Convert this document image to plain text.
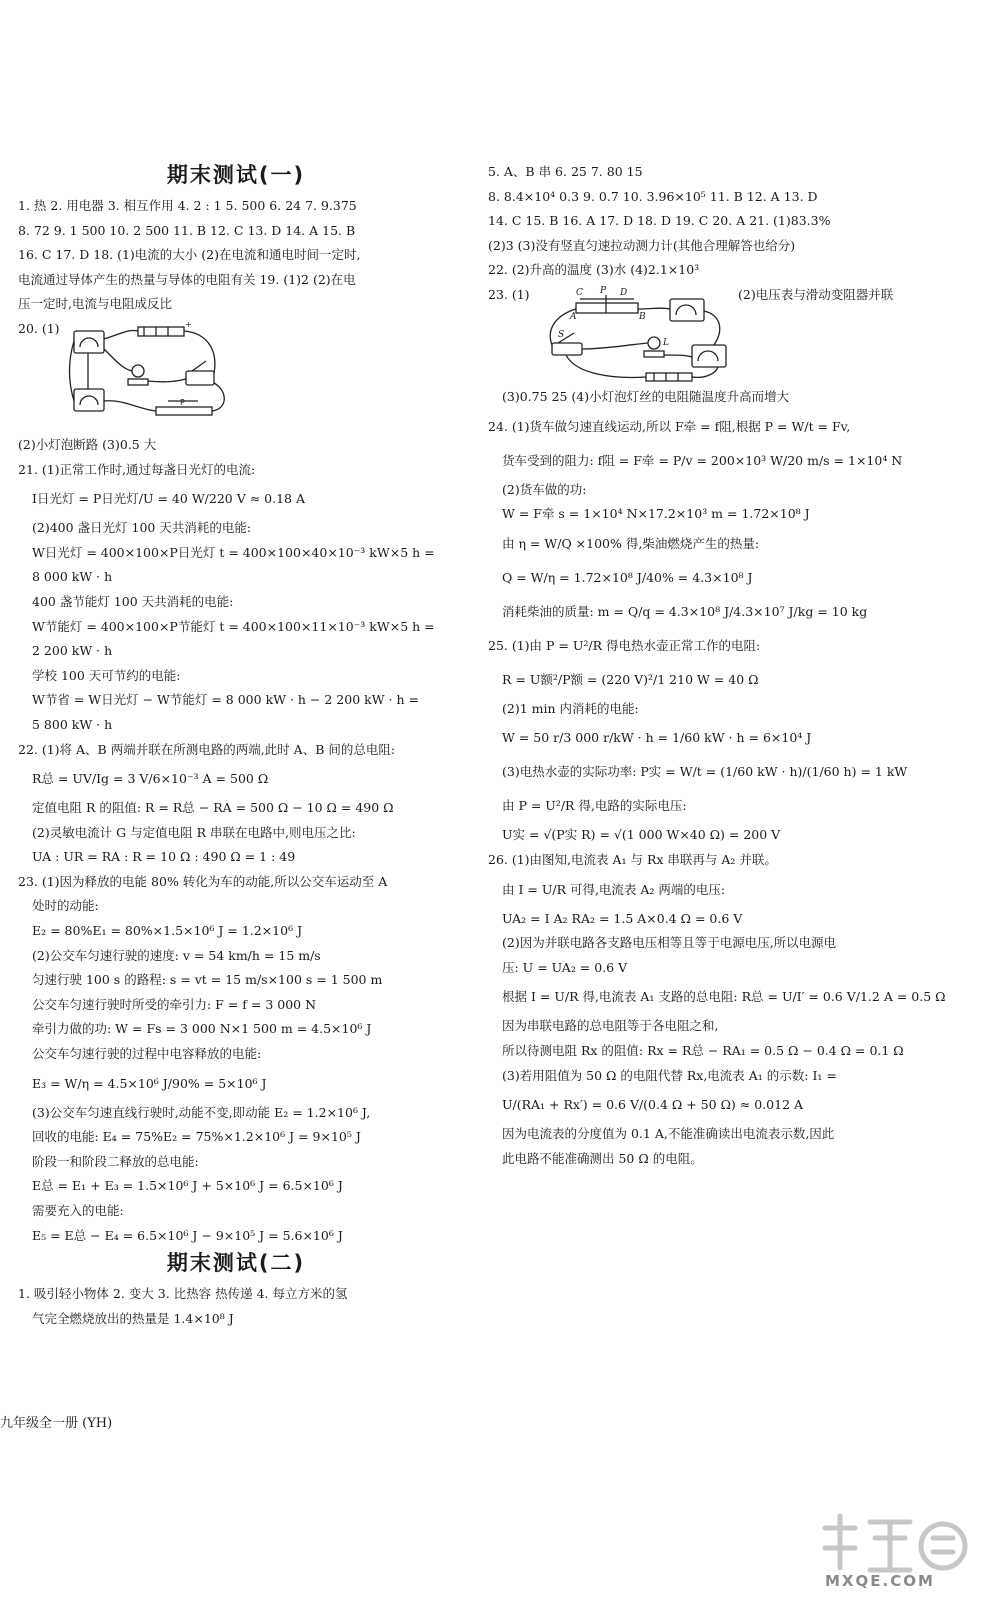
期末测试(一)
1. 热 2. 用电器 3. 相互作用 4. 2 : 1 5. 500 6. 24 7. 9.375
8. 72 9. 1 500 10. 2 500 11. B 12. C 13. D 14. A 15. B
16. C 17. D 18. (1)电流的大小 (2)在电流和通电时间一定时,
电流通过导体产生的热量与导体的电阻有关 19. (1)2 (2)在电
压一定时,电流与电阻成反比
20. (1)	+
P
(2)小灯泡断路 (3)0.5 大
21. (1)正常工作时,通过每盏日光灯的电流:
I日光灯 = P日光灯/U = 40 W/220 V ≈ 0.18 A
(2)400 盏日光灯 100 天共消耗的电能:
W日光灯 = 400×100×P日光灯 t = 400×100×40×10⁻³ kW×5 h =
8 000 kW · h
400 盏节能灯 100 天共消耗的电能:
W节能灯 = 400×100×P节能灯 t = 400×100×11×10⁻³ kW×5 h =
2 200 kW · h
学校 100 天可节约的电能:
W节省 = W日光灯 − W节能灯 = 8 000 kW · h − 2 200 kW · h =
5 800 kW · h
22. (1)将 A、B 两端并联在所测电路的两端,此时 A、B 间的总电阻:
R总 = UV/Ig = 3 V/6×10⁻³ A = 500 Ω
定值电阻 R 的阻值: R = R总 − RA = 500 Ω − 10 Ω = 490 Ω
(2)灵敏电流计 G 与定值电阻 R 串联在电路中,则电压之比:
UA : UR = RA : R = 10 Ω : 490 Ω = 1 : 49
23. (1)因为释放的电能 80% 转化为车的动能,所以公交车运动至 A
处时的动能:
E₂ = 80%E₁ = 80%×1.5×10⁶ J = 1.2×10⁶ J
(2)公交车匀速行驶的速度: v = 54 km/h = 15 m/s
匀速行驶 100 s 的路程: s = vt = 15 m/s×100 s = 1 500 m
公交车匀速行驶时所受的牵引力: F = f = 3 000 N
牵引力做的功: W = Fs = 3 000 N×1 500 m = 4.5×10⁶ J
公交车匀速行驶的过程中电容释放的电能:
E₃ = W/η = 4.5×10⁶ J/90% = 5×10⁶ J
(3)公交车匀速直线行驶时,动能不变,即动能 E₂ = 1.2×10⁶ J,
回收的电能: E₄ = 75%E₂ = 75%×1.2×10⁶ J = 9×10⁵ J
阶段一和阶段二释放的总电能:
E总 = E₁ + E₃ = 1.5×10⁶ J + 5×10⁶ J = 6.5×10⁶ J
需要充入的电能:
E₅ = E总 − E₄ = 6.5×10⁶ J − 9×10⁵ J = 5.6×10⁶ J
期末测试(二)
1. 吸引轻小物体 2. 变大 3. 比热容 热传递 4. 每立方米的氢
气完全燃烧放出的热量是 1.4×10⁸ J
5. A、B 串 6. 25 7. 80 15
8. 8.4×10⁴ 0.3 9. 0.7 10. 3.96×10⁵ 11. B 12. A 13. D
14. C 15. B 16. A 17. D 18. D 19. C 20. A 21. (1)83.3%
(2)3 (3)没有竖直匀速拉动测力计(其他合理解答也给分)
22. (2)升高的温度 (3)水 (4)2.1×10³
23. (1)	(2)电压表与滑动变阻器并联
C P D
A	B
S
L
(3)0.75 25 (4)小灯泡灯丝的电阻随温度升高而增大
24. (1)货车做匀速直线运动,所以 F牵 = f阻,根据 P = W/t = Fv,
货车受到的阻力: f阻 = F牵 = P/v = 200×10³ W/20 m/s = 1×10⁴ N
(2)货车做的功:
W = F牵 s = 1×10⁴ N×17.2×10³ m = 1.72×10⁸ J
由 η = W/Q ×100% 得,柴油燃烧产生的热量:
Q = W/η = 1.72×10⁸ J/40% = 4.3×10⁸ J
消耗柴油的质量: m = Q/q = 4.3×10⁸ J/4.3×10⁷ J/kg = 10 kg
25. (1)由 P = U²/R 得电热水壶正常工作的电阻:
R = U额²/P额 = (220 V)²/1 210 W = 40 Ω
(2)1 min 内消耗的电能:
W = 50 r/3 000 r/kW · h = 1/60 kW · h = 6×10⁴ J
(3)电热水壶的实际功率: P实 = W/t = (1/60 kW · h)/(1/60 h) = 1 kW
由 P = U²/R 得,电路的实际电压:
U实 = √(P实 R) = √(1 000 W×40 Ω) = 200 V
26. (1)由图知,电流表 A₁ 与 Rx 串联再与 A₂ 并联。
由 I = U/R 可得,电流表 A₂ 两端的电压:
UA₂ = I A₂ RA₂ = 1.5 A×0.4 Ω = 0.6 V
(2)因为并联电路各支路电压相等且等于电源电压,所以电源电
压: U = UA₂ = 0.6 V
根据 I = U/R 得,电流表 A₁ 支路的总电阻: R总 = U/I′ = 0.6 V/1.2 A = 0.5 Ω
因为串联电路的总电阻等于各电阻之和,
所以待测电阻 Rx 的阻值: Rx = R总 − RA₁ = 0.5 Ω − 0.4 Ω = 0.1 Ω
(3)若用阻值为 50 Ω 的电阻代替 Rx,电流表 A₁ 的示数: I₁ =
U/(RA₁ + Rx′) = 0.6 V/(0.4 Ω + 50 Ω) ≈ 0.012 A
因为电流表的分度值为 0.1 A,不能准确读出电流表示数,因此
此电路不能准确测出 50 Ω 的电阻。
九年级全一册 (YH)
MXQE.COM
